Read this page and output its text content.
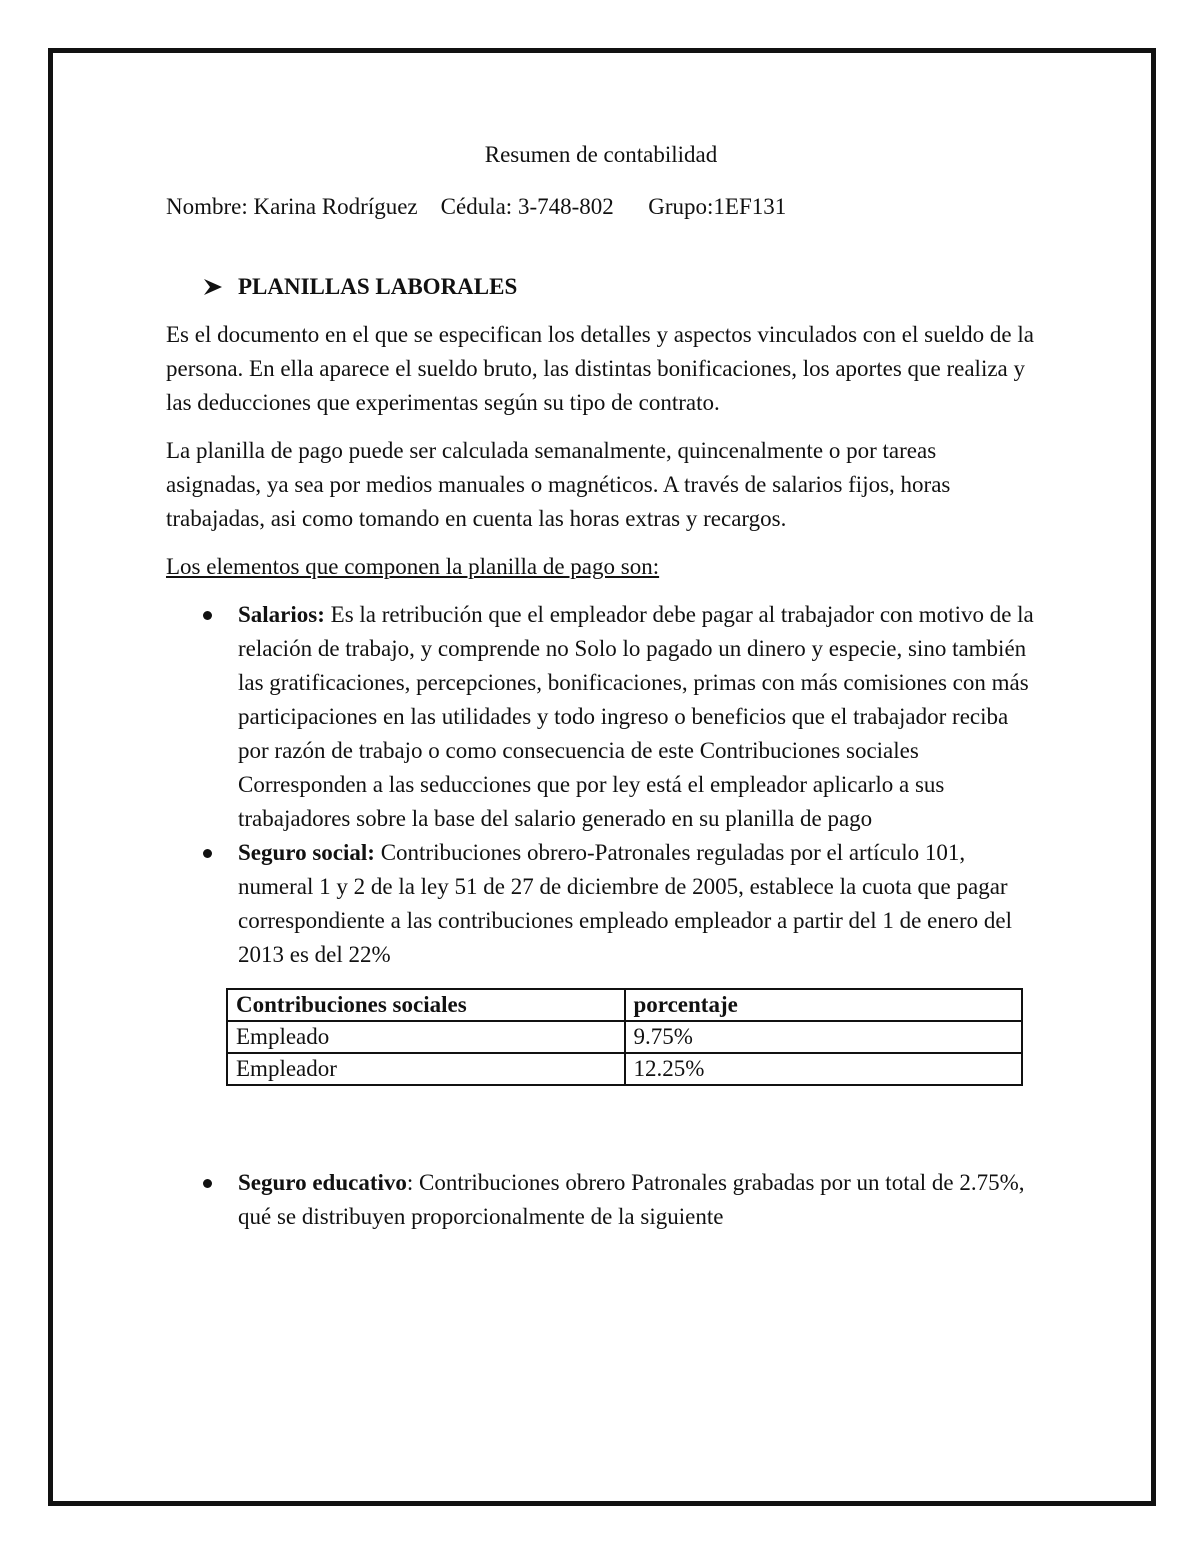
Resumen de contabilidad
Nombre: Karina Rodríguez Cédula: 3-748-802 Grupo:1EF131
PLANILLAS LABORALES

Es el documento en el que se especifican los detalles y aspectos vinculados con el sueldo de la persona. En ella aparece el sueldo bruto, las distintas bonificaciones, los aportes que realiza y las deducciones que experimentas según su tipo de contrato.

La planilla de pago puede ser calculada semanalmente, quincenalmente o por tareas asignadas, ya sea por medios manuales o magnéticos. A través de salarios fijos, horas trabajadas, asi como tomando en cuenta las horas extras y recargos.

Los elementos que componen la planilla de pago son:

Salarios: Es la retribución que el empleador debe pagar al trabajador con motivo de la relación de trabajo, y comprende no Solo lo pagado un dinero y especie, sino también las gratificaciones, percepciones, bonificaciones, primas con más comisiones con más participaciones en las utilidades y todo ingreso o beneficios que el trabajador reciba por razón de trabajo o como consecuencia de este Contribuciones sociales Corresponden a las seducciones que por ley está el empleador aplicarlo a sus trabajadores sobre la base del salario generado en su planilla de pago
Seguro social: Contribuciones obrero-Patronales reguladas por el artículo 101, numeral 1 y 2 de la ley 51 de 27 de diciembre de 2005, establece la cuota que pagar correspondiente a las contribuciones empleado empleador a partir del 1 de enero del 2013 es del 22%
Contribuciones sociales	porcentaje
Empleado	9.75%
Empleador	12.25%
Seguro educativo: Contribuciones obrero Patronales grabadas por un total de 2.75%, qué se distribuyen proporcionalmente de la siguiente
